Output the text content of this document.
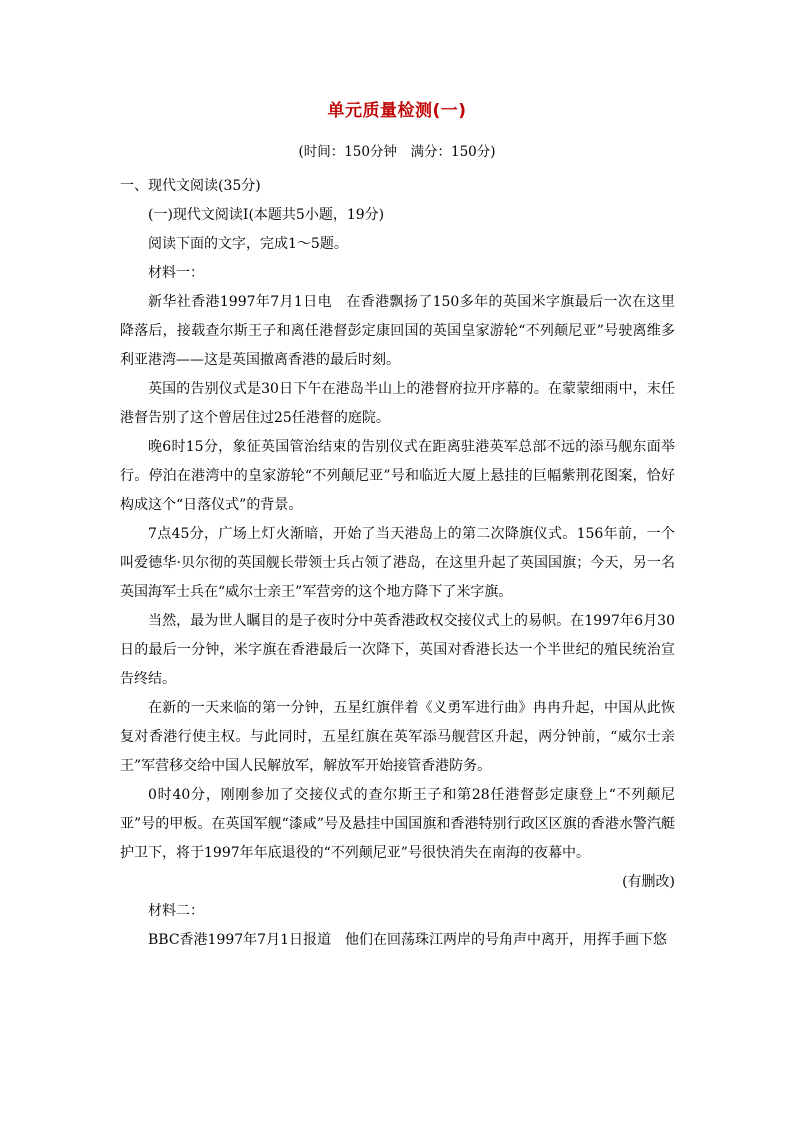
单元质量检测(一)
(时间：150分钟　满分：150分)

一、现代文阅读(35分)

(一)现代文阅读Ⅰ(本题共5小题，19分)

阅读下面的文字，完成1～5题。

材料一：

新华社香港1997年7月1日电　在香港飘扬了150多年的英国米字旗最后一次在这里降落后，接载查尔斯王子和离任港督彭定康回国的英国皇家游轮“不列颠尼亚”号驶离维多利亚港湾——这是英国撤离香港的最后时刻。

英国的告别仪式是30日下午在港岛半山上的港督府拉开序幕的。在蒙蒙细雨中，末任港督告别了这个曾居住过25任港督的庭院。

晚6时15分，象征英国管治结束的告别仪式在距离驻港英军总部不远的添马舰东面举行。停泊在港湾中的皇家游轮“不列颠尼亚”号和临近大厦上悬挂的巨幅紫荆花图案，恰好构成这个“日落仪式”的背景。

7点45分，广场上灯火渐暗，开始了当天港岛上的第二次降旗仪式。156年前，一个叫爱德华·贝尔彻的英国舰长带领士兵占领了港岛，在这里升起了英国国旗；今天，另一名英国海军士兵在“威尔士亲王”军营旁的这个地方降下了米字旗。

当然，最为世人瞩目的是子夜时分中英香港政权交接仪式上的易帜。在1997年6月30日的最后一分钟，米字旗在香港最后一次降下，英国对香港长达一个半世纪的殖民统治宣告终结。

在新的一天来临的第一分钟，五星红旗伴着《义勇军进行曲》冉冉升起，中国从此恢复对香港行使主权。与此同时，五星红旗在英军添马舰营区升起，两分钟前，“威尔士亲王”军营移交给中国人民解放军，解放军开始接管香港防务。

0时40分，刚刚参加了交接仪式的查尔斯王子和第28任港督彭定康登上“不列颠尼亚”号的甲板。在英国军舰“漆咸”号及悬挂中国国旗和香港特别行政区区旗的香港水警汽艇护卫下，将于1997年年底退役的“不列颠尼亚”号很快消失在南海的夜幕中。

(有删改)

材料二：

BBC香港1997年7月1日报道　他们在回荡珠江两岸的号角声中离开，用挥手画下悠
